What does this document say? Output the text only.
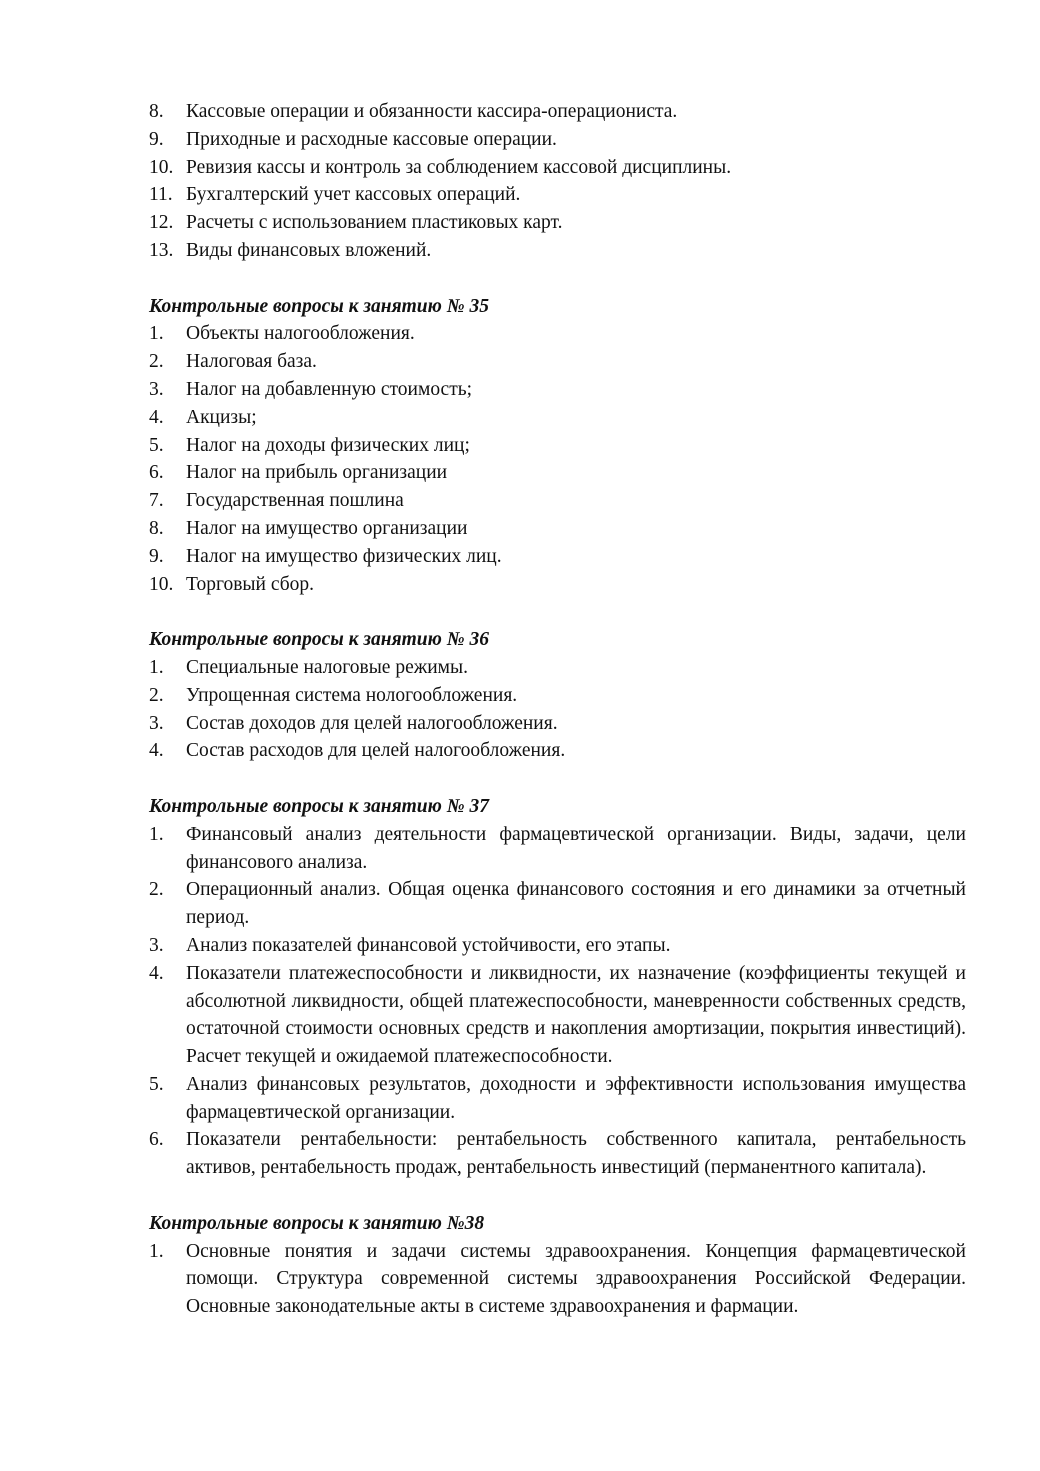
8.	Кассовые операции и обязанности кассира-операциониста.
9.	Приходные и расходные кассовые операции.
10. Ревизия кассы и контроль за соблюдением кассовой дисциплины.
11. Бухгалтерский учет кассовых операций.
12. Расчеты с использованием пластиковых карт.
13. Виды финансовых вложений.
Контрольные вопросы к занятию № 35
1.	Объекты налогообложения.
2.	Налоговая база.
3.	Налог на добавленную стоимость;
4.	Акцизы;
5.	Налог на доходы физических лиц;
6.	Налог на прибыль организации
7.	Государственная пошлина
8.	Налог на имущество организации
9.	Налог на имущество физических лиц.
10. Торговый сбор.
Контрольные вопросы к занятию № 36
1.	Специальные налоговые режимы.
2.	Упрощенная система нологообложения.
3.	Состав доходов для целей налогообложения.
4.	Состав расходов для целей налогообложения.
Контрольные вопросы к занятию № 37
1.	Финансовый анализ деятельности фармацевтической организации. Виды, задачи, цели финансового анализа.
2.	Операционный анализ. Общая оценка финансового состояния и его динамики за отчетный период.
3.	Анализ показателей финансовой устойчивости, его этапы.
4.	Показатели платежеспособности и ликвидности, их назначение (коэффициенты текущей и абсолютной ликвидности, общей платежеспособности, маневренности собственных средств, остаточной стоимости основных средств и накопления амортизации, покрытия инвестиций). Расчет текущей и ожидаемой платежеспособности.
5.	Анализ финансовых результатов, доходности и эффективности использования имущества фармацевтической организации.
6.	Показатели рентабельности: рентабельность собственного капитала, рентабельность активов, рентабельность продаж, рентабельность инвестиций (перманентного капитала).
Контрольные вопросы к занятию №38
1.	Основные понятия и задачи системы здравоохранения. Концепция фармацевтической помощи. Структура современной системы здравоохранения Российской Федерации. Основные законодательные акты в системе здравоохранения и фармации.
